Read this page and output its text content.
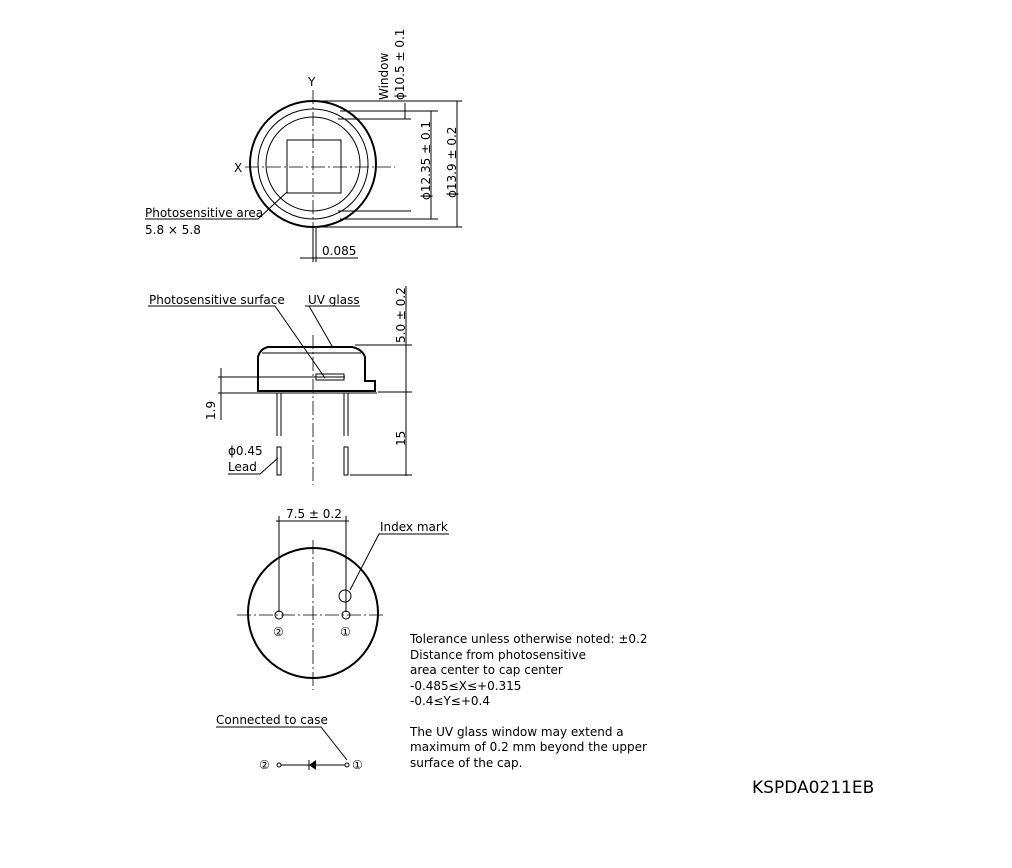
Y
X
Window ϕ10.5 ± 0.1
ϕ12.35 ± 0.1 ϕ13.9 ± 0.2
Photosensitive area
5.8 × 5.8
0.085
Photosensitive surface UV glass	5.0 ± 0.2
15
1.9
ϕ0.45
Lead
7.5 ± 0.2
②	①
Index mark
Connected to case
②	①
Tolerance unless otherwise noted: ±0.2
Distance from photosensitive
area center to cap center
-0.485≤X≤+0.315
-0.4≤Y≤+0.4
The UV glass window may extend a
maximum of 0.2 mm beyond the upper
surface of the cap.
KSPDA0211EB
